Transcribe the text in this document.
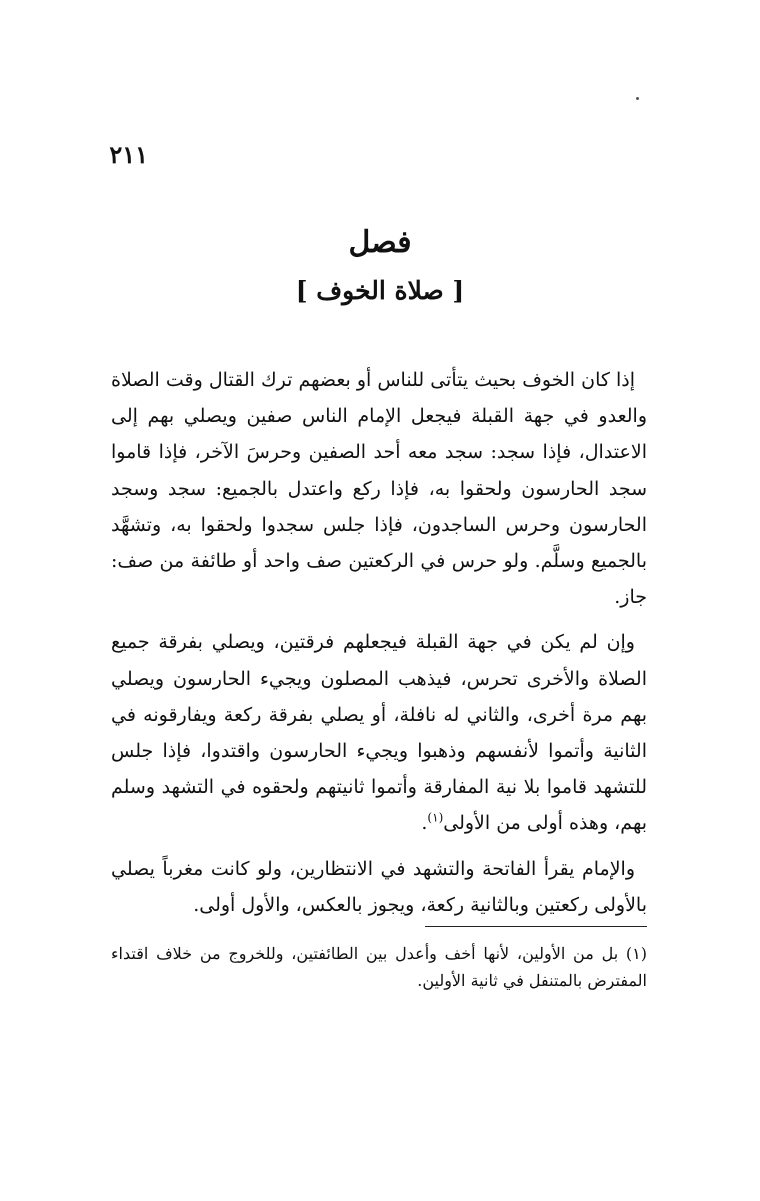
٢١١
فصل
[ صلاة الخوف ]

إذا كان الخوف بحيث يتأتى للناس أو بعضهم ترك القتال وقت الصلاة والعدو في جهة القبلة فيجعل الإمام الناس صفين ويصلي بهم إلى الاعتدال، فإذا سجد: سجد معه أحد الصفين وحرسَ الآخر، فإذا قاموا سجد الحارسون ولحقوا به، فإذا ركع واعتدل بالجميع: سجد وسجد الحارسون وحرس الساجدون، فإذا جلس سجدوا ولحقوا به، وتشهَّد بالجميع وسلَّم. ولو حرس في الركعتين صف واحد أو طائفة من صف: جاز.

وإن لم يكن في جهة القبلة فيجعلهم فرقتين، ويصلي بفرقة جميع الصلاة والأخرى تحرس، فيذهب المصلون ويجيء الحارسون ويصلي بهم مرة أخرى، والثاني له نافلة، أو يصلي بفرقة ركعة ويفارقونه في الثانية وأتموا لأنفسهم وذهبوا ويجيء الحارسون واقتدوا، فإذا جلس للتشهد قاموا بلا نية المفارقة وأتموا ثانيتهم ولحقوه في التشهد وسلم بهم، وهذه أولى من الأولى$^{(١)}$.

والإمام يقرأ الفاتحة والتشهد في الانتظارين، ولو كانت مغرباً يصلي بالأولى ركعتين وبالثانية ركعة، ويجوز بالعكس، والأول أولى.

(١) بل من الأولين، لأنها أخف وأعدل بين الطائفتين، وللخروج من خلاف اقتداء المفترض بالمتنفل في ثانية الأولين.
